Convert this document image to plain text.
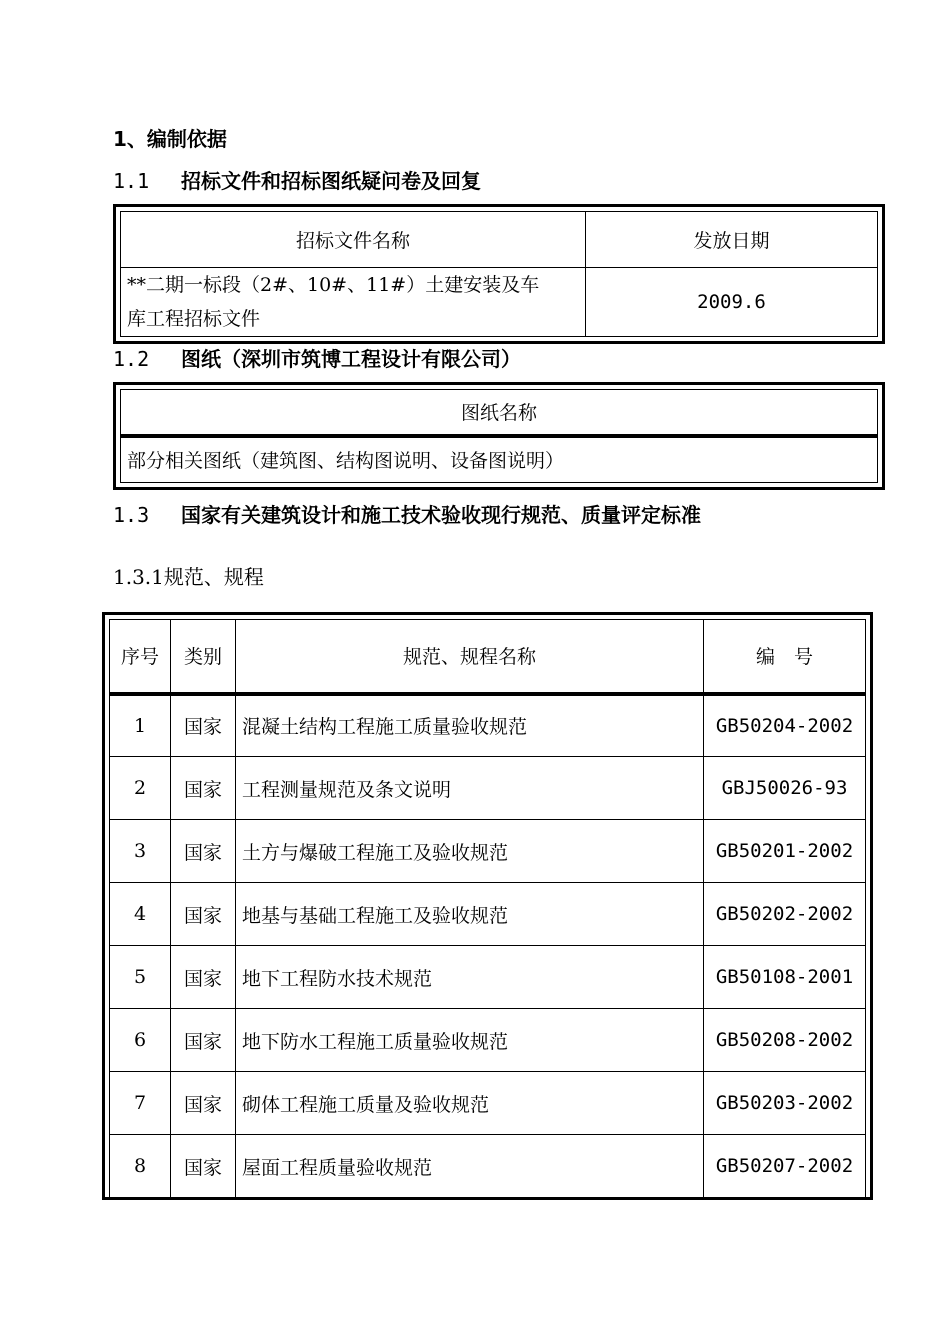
1、编制依据
1.1 招标文件和招标图纸疑问卷及回复
招标文件名称	发放日期

**二期一标段（2#、10#、11#）土建安装及车
库工程招标文件	2009.6
1.2 图纸（深圳市筑博工程设计有限公司）
图纸名称
部分相关图纸（建筑图、结构图说明、设备图说明）
1.3 国家有关建筑设计和施工技术验收现行规范、质量评定标准
1.3.1规范、规程
序号	类别	规范、规程名称	编　号
1	国家	混凝土结构工程施工质量验收规范	GB50204-2002
2	国家	工程测量规范及条文说明	GBJ50026-93
3	国家	土方与爆破工程施工及验收规范	GB50201-2002
4	国家	地基与基础工程施工及验收规范	GB50202-2002
5	国家	地下工程防水技术规范	GB50108-2001
6	国家	地下防水工程施工质量验收规范	GB50208-2002
7	国家	砌体工程施工质量及验收规范	GB50203-2002
8	国家	屋面工程质量验收规范	GB50207-2002
